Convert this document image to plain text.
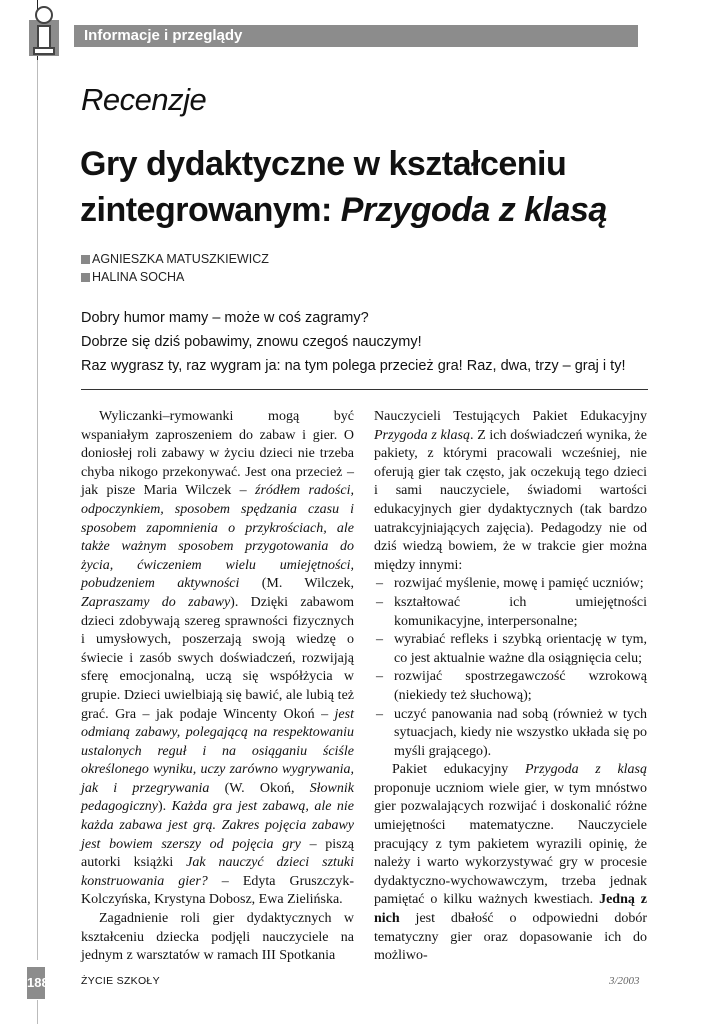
Informacje i przeglądy
Recenzje
Gry dydaktyczne w kształceniu
zintegrowanym: Przygoda z klasą
AGNIESZKA MATUSZKIEWICZ
HALINA SOCHA
Dobry humor mamy – może w coś zagramy?
Dobrze się dziś pobawimy, znowu czegoś nauczymy!
Raz wygrasz ty, raz wygram ja: na tym polega przecież gra! Raz, dwa, trzy – graj i ty!

Wyliczanki–rymowanki mogą być wspaniałym zaproszeniem do zabaw i gier. O doniosłej roli zabawy w życiu dzieci nie trzeba chyba nikogo przekonywać. Jest ona przecież – jak pisze Maria Wilczek – źródłem radości, odpoczynkiem, sposobem spędzania czasu i sposobem zapomnienia o przykrościach, ale także ważnym sposobem przygotowania do życia, ćwiczeniem wielu umiejętności, pobudzeniem aktywności (M. Wilczek, Zapraszamy do zabawy). Dzięki zabawom dzieci zdobywają szereg sprawności fizycznych i umysłowych, poszerzają swoją wiedzę o świecie i zasób swych doświadczeń, rozwijają sferę emocjonalną, uczą się współżycia w grupie. Dzieci uwielbiają się bawić, ale lubią też grać. Gra – jak podaje Wincenty Okoń – jest odmianą zabawy, polegającą na respektowaniu ustalonych reguł i na osiąganiu ściśle określonego wyniku, uczy zarówno wygrywania, jak i przegrywania (W. Okoń, Słownik pedagogiczny). Każda gra jest zabawą, ale nie każda zabawa jest grą. Zakres pojęcia zabawy jest bowiem szerszy od pojęcia gry – piszą autorki książki Jak nauczyć dzieci sztuki konstruowania gier? – Edyta Gruszczyk-Kolczyńska, Krystyna Dobosz, Ewa Zielińska.

Zagadnienie roli gier dydaktycznych w kształceniu dziecka podjęli nauczyciele na jednym z warsztatów w ramach III Spotkania

Nauczycieli Testujących Pakiet Edukacyjny Przygoda z klasą. Z ich doświadczeń wynika, że pakiety, z którymi pracowali wcześniej, nie oferują gier tak często, jak oczekują tego dzieci i sami nauczyciele, świadomi wartości edukacyjnych gier dydaktycznych (tak bardzo uatrakcyjniających zajęcia). Pedagodzy nie od dziś wiedzą bowiem, że w trakcie gier można między innymi:

– rozwijać myślenie, mowę i pamięć uczniów;
– kształtować ich umiejętności komunikacyjne, interpersonalne;
– wyrabiać refleks i szybką orientację w tym, co jest aktualnie ważne dla osiągnięcia celu;
– rozwijać spostrzegawczość wzrokową (niekiedy też słuchową);
– uczyć panowania nad sobą (również w tych sytuacjach, kiedy nie wszystko układa się po myśli grającego).

Pakiet edukacyjny Przygoda z klasą proponuje uczniom wiele gier, w tym mnóstwo gier pozwalających rozwijać i doskonalić różne umiejętności matematyczne. Nauczyciele pracujący z tym pakietem wyrazili opinię, że należy i warto wykorzystywać gry w procesie dydaktyczno-wychowawczym, trzeba jednak pamiętać o kilku ważnych kwestiach. Jedną z nich jest dbałość o odpowiedni dobór tematyczny gier oraz dopasowanie ich do możliwo-

188	ŻYCIE SZKOŁY	3/2003
